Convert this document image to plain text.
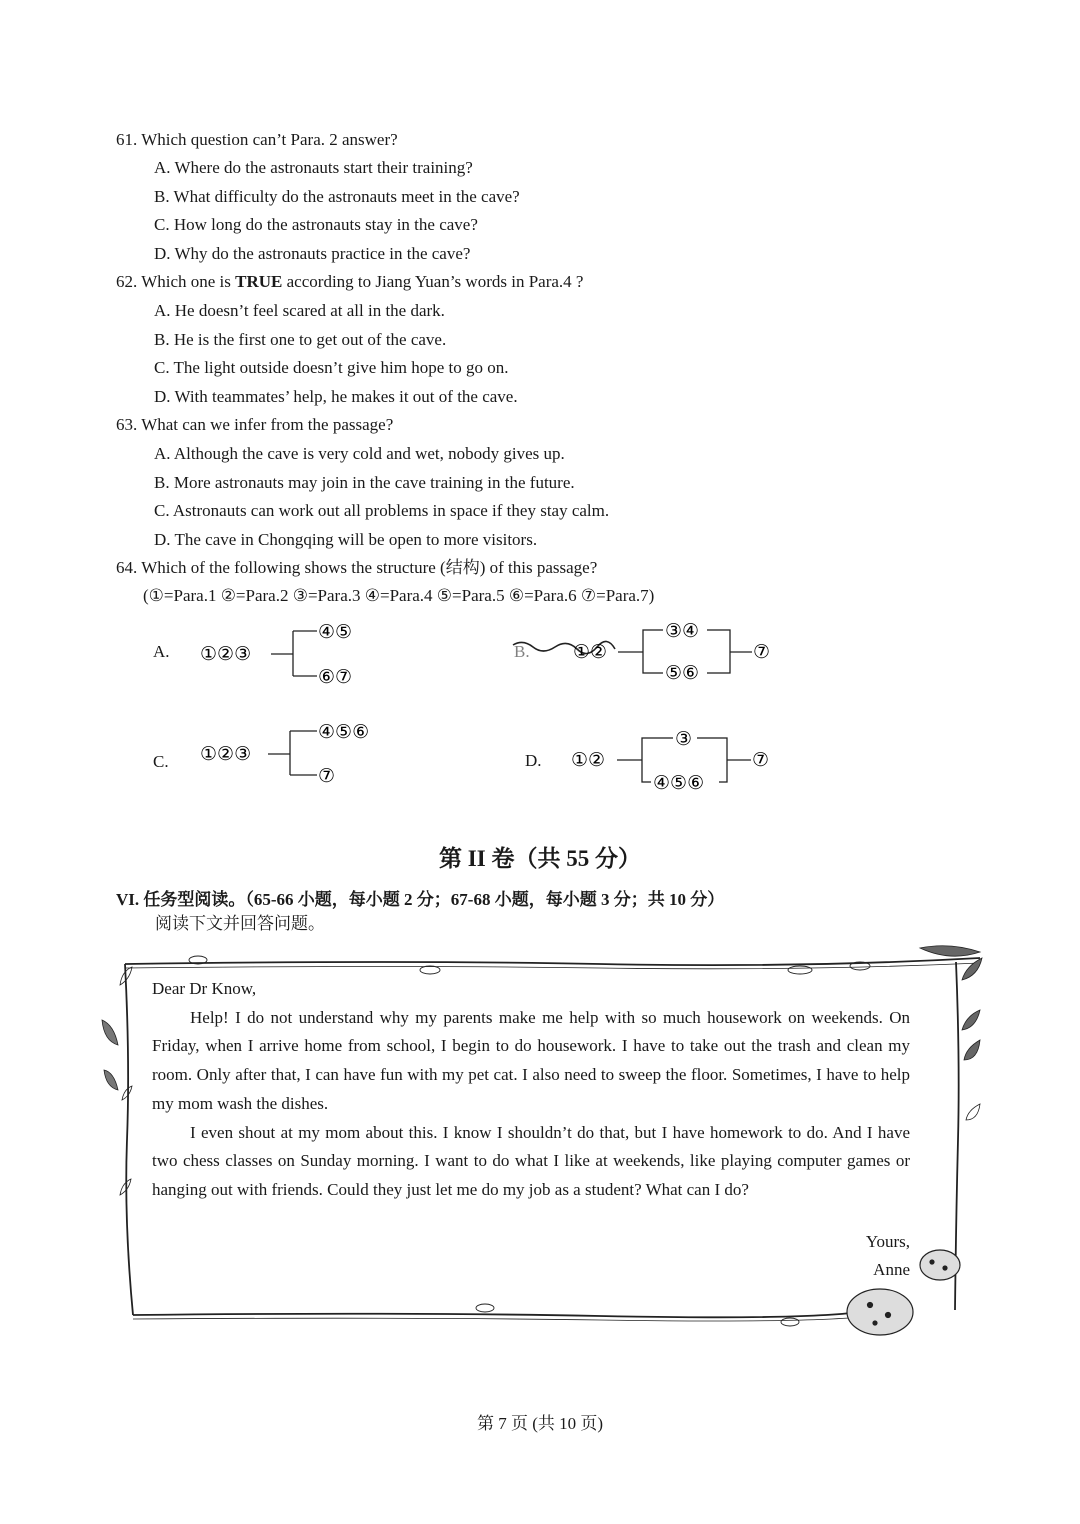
61. Which question can’t Para. 2 answer?
A. Where do the astronauts start their training?
B. What difficulty do the astronauts meet in the cave?
C. How long do the astronauts stay in the cave?
D. Why do the astronauts practice in the cave?
62. Which one is TRUE according to Jiang Yuan’s words in Para.4 ?
A. He doesn’t feel scared at all in the dark.
B. He is the first one to get out of the cave.
C. The light outside doesn’t give him hope to go on.
D. With teammates’ help, he makes it out of the cave.
63. What can we infer from the passage?
A. Although the cave is very cold and wet, nobody gives up.
B. More astronauts may join in the cave training in the future.
C. Astronauts can work out all problems in space if they stay calm.
D. The cave in Chongqing will be open to more visitors.
64. Which of the following shows the structure (结构) of this passage?
(①=Para.1 ②=Para.2 ③=Para.3 ④=Para.4 ⑤=Para.5 ⑥=Para.6 ⑦=Para.7)
A. ①②③
④⑤
⑥⑦
B. ①②
③④
⑤⑥
⑦
C. ①②③
④⑤⑥
⑦
D. ①②
③
④⑤⑥
⑦
第 II 卷（共 55 分）
VI. 任务型阅读。（65-66 小题，每小题 2 分；67-68 小题，每小题 3 分；共 10 分）
阅读下文并回答问题。

Dear Dr Know,

Help! I do not understand why my parents make me help with so much housework on weekends. On Friday, when I arrive home from school, I begin to do housework. I have to take out the trash and clean my room. Only after that, I can have fun with my pet cat. I also need to sweep the floor. Sometimes, I have to help my mom wash the dishes.

I even shout at my mom about this. I know I shouldn’t do that, but I have homework to do. And I have two chess classes on Sunday morning. I want to do what I like at weekends, like playing computer games or hanging out with friends. Could they just let me do my job as a student? What can I do?

Yours,
Anne
第 7 页 (共 10 页)
